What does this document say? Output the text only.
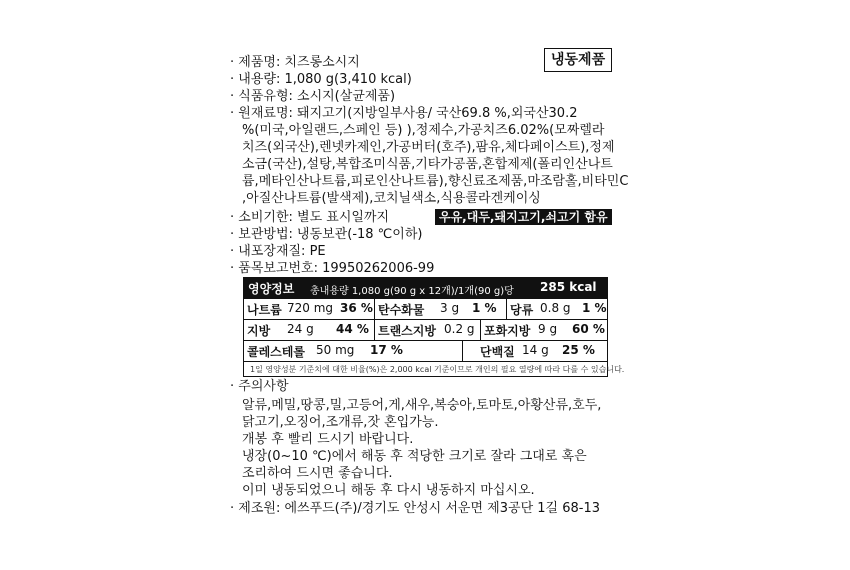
냉동제품
· 제품명: 치즈롱소시지
· 내용량: 1,080 g(3,410 kcal)
· 식품유형: 소시지(살균제품)
· 원재료명: 돼지고기(지방일부사용/ 국산69.8 %,외국산30.2
%(미국,아일랜드,스페인 등) ),정제수,가공치즈6.02%(모짜렐라
치즈(외국산),렌넷카제인,가공버터(호주),팜유,체다페이스트),정제
소금(국산),설탕,복합조미식품,기타가공품,혼합제제(폴리인산나트
륨,메타인산나트륨,피로인산나트륨),향신료조제품,마조람홀,비타민C
,아질산나트륨(발색제),코치닐색소,식용콜라겐케이싱
· 소비기한: 별도 표시일까지	우유,대두,돼지고기,쇠고기 함유
· 보관방법: 냉동보관(-18 ℃이하)
· 내포장재질: PE
· 품목보고번호: 19950262006-99
영양정보 총내용량 1,080 g(90 g x 12개)/1개(90 g)당 285 kcal
나트륨 720 mg 36 % 탄수화물 3 g 1 % 당류 0.8 g 1 %
지방 24 g 44 % 트랜스지방 0.2 g 포화지방 9 g 60 %
콜레스테롤 50 mg 17 %	단백질 14 g 25 %
1일 영양성분 기준치에 대한 비율(%)은 2,000 kcal 기준이므로 개인의 필요 열량에 따라 다를 수 있습니다.
· 주의사항
알류,메밀,땅콩,밀,고등어,게,새우,복숭아,토마토,아황산류,호두,
닭고기,오징어,조개류,잣 혼입가능.
개봉 후 빨리 드시기 바랍니다.
냉장(0~10 ℃)에서 해동 후 적당한 크기로 잘라 그대로 혹은
조리하여 드시면 좋습니다.
이미 냉동되었으니 해동 후 다시 냉동하지 마십시오.
· 제조원: 에쓰푸드(주)/경기도 안성시 서운면 제3공단 1길 68-13
